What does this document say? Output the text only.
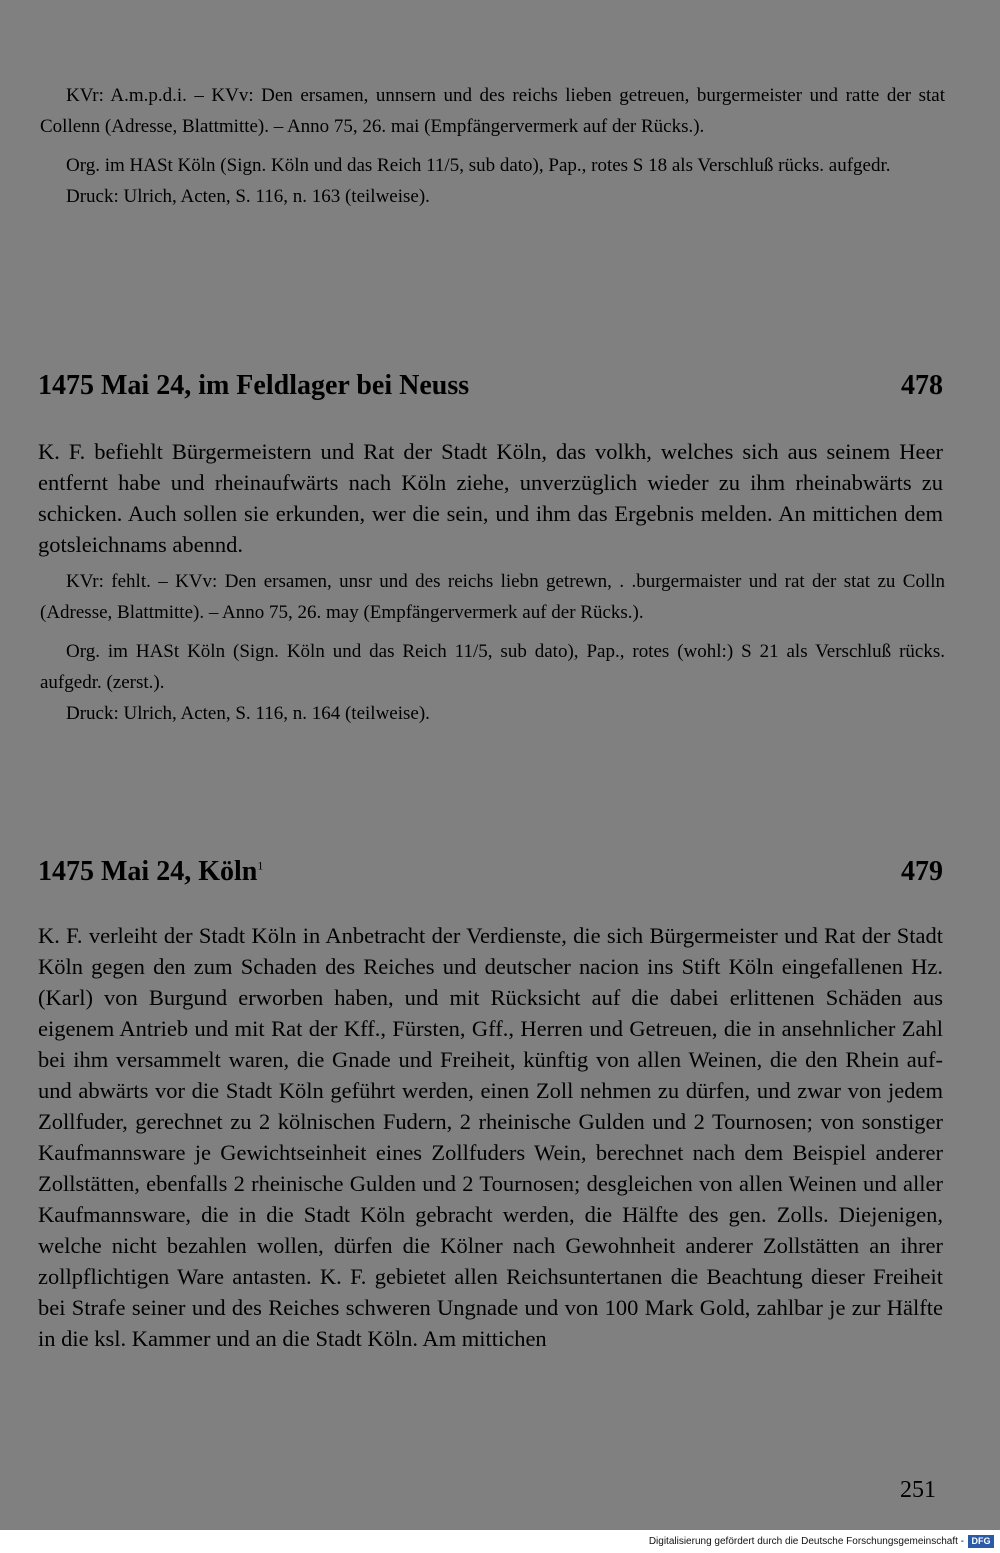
KVr: A.m.p.d.i. – KVv: Den ersamen, unnsern und des reichs lieben getreuen, burgermeister und ratte der stat Collenn (Adresse, Blattmitte). – Anno 75, 26. mai (Empfängervermerk auf der Rücks.).

Org. im HASt Köln (Sign. Köln und das Reich 11/5, sub dato), Pap., rotes S 18 als Verschluß rücks. aufgedr.

Druck: Ulrich, Acten, S. 116, n. 163 (teilweise).

1475 Mai 24, im Feldlager bei Neuss	478

K. F. befiehlt Bürgermeistern und Rat der Stadt Köln, das volkh, welches sich aus seinem Heer entfernt habe und rheinaufwärts nach Köln ziehe, unverzüglich wieder zu ihm rheinabwärts zu schicken. Auch sollen sie erkunden, wer die sein, und ihm das Ergebnis melden. An mittichen dem gotsleichnams abennd.

KVr: fehlt. – KVv: Den ersamen, unsr und des reichs liebn getrewn, . .burgermaister und rat der stat zu Colln (Adresse, Blattmitte). – Anno 75, 26. may (Empfängervermerk auf der Rücks.).

Org. im HASt Köln (Sign. Köln und das Reich 11/5, sub dato), Pap., rotes (wohl:) S 21 als Verschluß rücks. aufgedr. (zerst.).

Druck: Ulrich, Acten, S. 116, n. 164 (teilweise).

1475 Mai 24, Köln$^1$	479

K. F. verleiht der Stadt Köln in Anbetracht der Verdienste, die sich Bürgermeister und Rat der Stadt Köln gegen den zum Schaden des Reiches und deutscher nacion ins Stift Köln eingefallenen Hz. (Karl) von Burgund erworben haben, und mit Rücksicht auf die dabei erlittenen Schäden aus eigenem Antrieb und mit Rat der Kff., Fürsten, Gff., Herren und Getreuen, die in ansehnlicher Zahl bei ihm versammelt waren, die Gnade und Freiheit, künftig von allen Weinen, die den Rhein auf- und abwärts vor die Stadt Köln geführt werden, einen Zoll nehmen zu dürfen, und zwar von jedem Zollfuder, gerechnet zu 2 kölnischen Fudern, 2 rheinische Gulden und 2 Tournosen; von sonstiger Kaufmannsware je Gewichtseinheit eines Zollfuders Wein, berechnet nach dem Beispiel anderer Zollstätten, ebenfalls 2 rheinische Gulden und 2 Tournosen; desgleichen von allen Weinen und aller Kaufmannsware, die in die Stadt Köln gebracht werden, die Hälfte des gen. Zolls. Diejenigen, welche nicht bezahlen wollen, dürfen die Kölner nach Gewohnheit anderer Zollstätten an ihrer zollpflichtigen Ware antasten. K. F. gebietet allen Reichsuntertanen die Beachtung dieser Freiheit bei Strafe seiner und des Reiches schweren Ungnade und von 100 Mark Gold, zahlbar je zur Hälfte in die ksl. Kammer und an die Stadt Köln. Am mittichen

251
Digitalisierung gefördert durch die Deutsche Forschungsgemeinschaft - DFG
